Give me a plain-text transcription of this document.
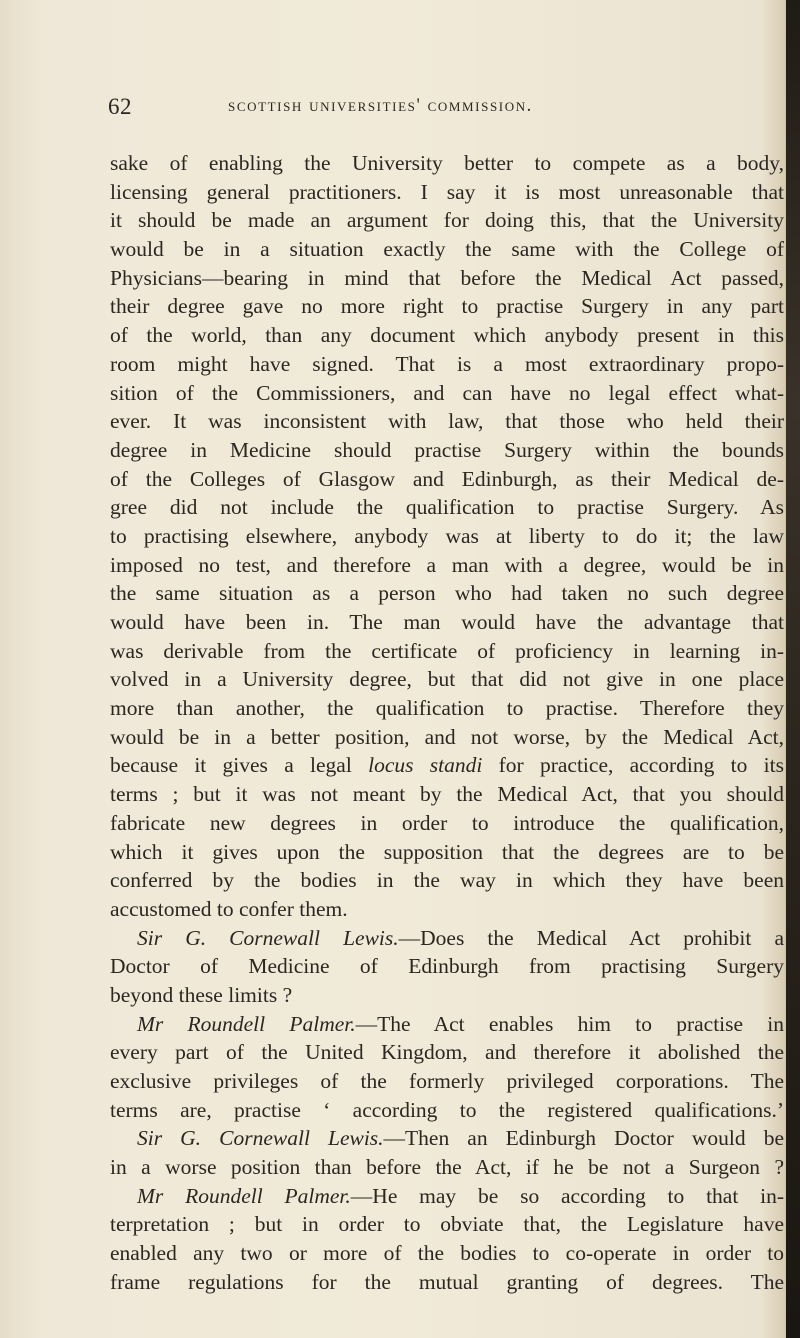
62	scottish universities' commission.
sake of enabling the University better to compete as a body,
licensing general practitioners. I say it is most unreasonable that
it should be made an argument for doing this, that the University
would be in a situation exactly the same with the College of
Physicians—bearing in mind that before the Medical Act passed,
their degree gave no more right to practise Surgery in any part
of the world, than any document which anybody present in this
room might have signed. That is a most extraordinary propo-
sition of the Commissioners, and can have no legal effect what-
ever. It was inconsistent with law, that those who held their
degree in Medicine should practise Surgery within the bounds
of the Colleges of Glasgow and Edinburgh, as their Medical de-
gree did not include the qualification to practise Surgery. As
to practising elsewhere, anybody was at liberty to do it; the law
imposed no test, and therefore a man with a degree, would be in
the same situation as a person who had taken no such degree
would have been in. The man would have the advantage that
was derivable from the certificate of proficiency in learning in-
volved in a University degree, but that did not give in one place
more than another, the qualification to practise. Therefore they
would be in a better position, and not worse, by the Medical Act,
because it gives a legal locus standi for practice, according to its
terms ; but it was not meant by the Medical Act, that you should
fabricate new degrees in order to introduce the qualification,
which it gives upon the supposition that the degrees are to be
conferred by the bodies in the way in which they have been
accustomed to confer them.
Sir G. Cornewall Lewis.—Does the Medical Act prohibit a
Doctor of Medicine of Edinburgh from practising Surgery
beyond these limits ?
Mr Roundell Palmer.—The Act enables him to practise in
every part of the United Kingdom, and therefore it abolished the
exclusive privileges of the formerly privileged corporations. The
terms are, practise ‘ according to the registered qualifications.’
Sir G. Cornewall Lewis.—Then an Edinburgh Doctor would be
in a worse position than before the Act, if he be not a Surgeon ?
Mr Roundell Palmer.—He may be so according to that in-
terpretation ; but in order to obviate that, the Legislature have
enabled any two or more of the bodies to co-operate in order to
frame regulations for the mutual granting of degrees. The
